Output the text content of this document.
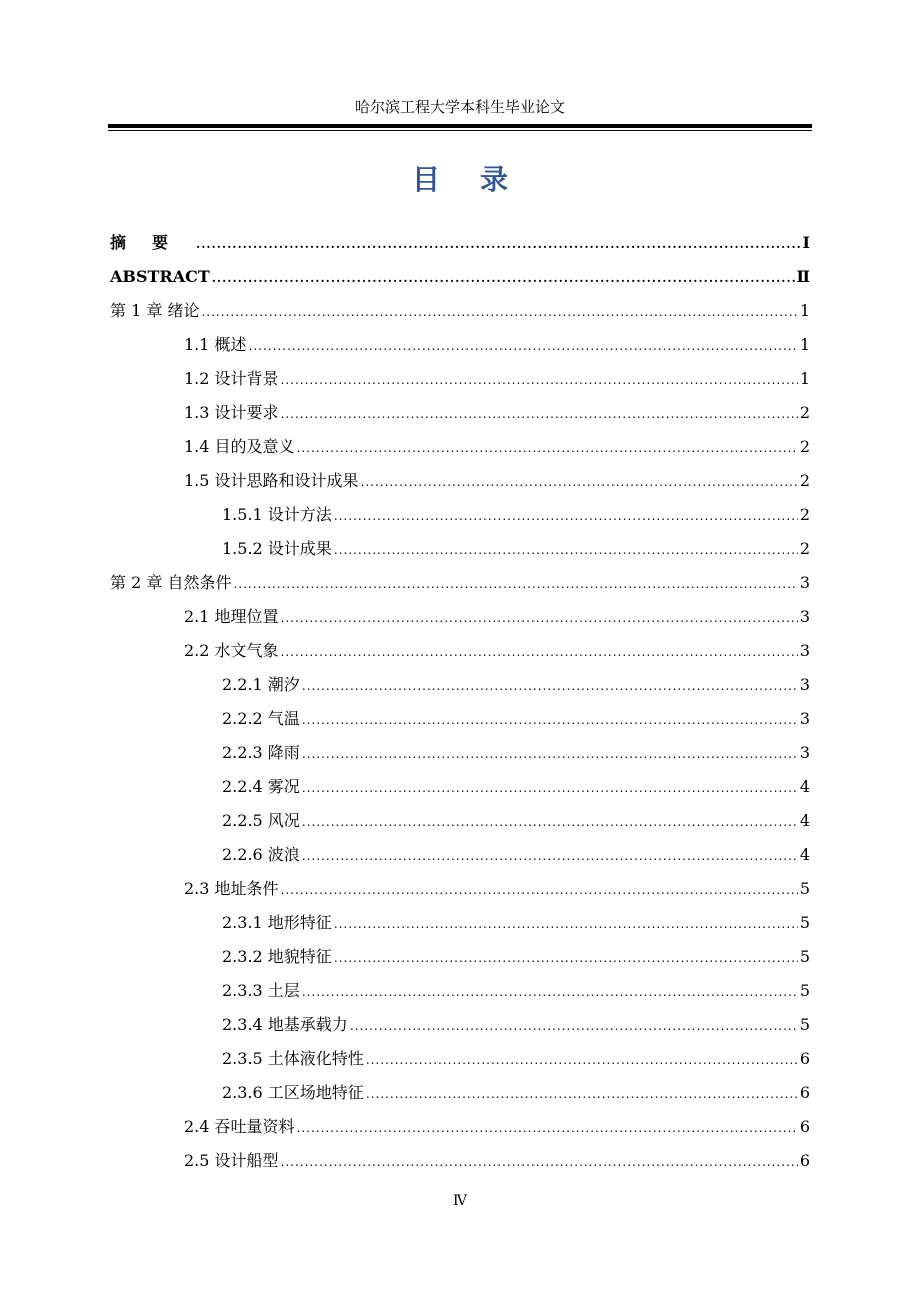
哈尔滨工程大学本科生毕业论文
目录
摘要 .....	Ⅰ
ABSTRACT .....	Ⅱ
第 1 章 绪论 .....	1
1.1 概述 .....	1
1.2 设计背景 .....	1
1.3 设计要求 .....	2
1.4 目的及意义 .....	2
1.5 设计思路和设计成果 .....	2
1.5.1 设计方法 .....	2
1.5.2 设计成果 .....	2
第 2 章 自然条件 .....	3
2.1 地理位置 .....	3
2.2 水文气象 .....	3
2.2.1 潮汐 .....	3
2.2.2 气温 .....	3
2.2.3 降雨 .....	3
2.2.4 雾况 .....	4
2.2.5 风况 .....	4
2.2.6 波浪 .....	4
2.3 地址条件 .....	5
2.3.1 地形特征 .....	5
2.3.2 地貌特征 .....	5
2.3.3 土层 .....	5
2.3.4 地基承载力 .....	5
2.3.5 土体液化特性 .....	6
2.3.6 工区场地特征 .....	6
2.4 吞吐量资料 .....	6
2.5 设计船型 .....	6
Ⅳ
